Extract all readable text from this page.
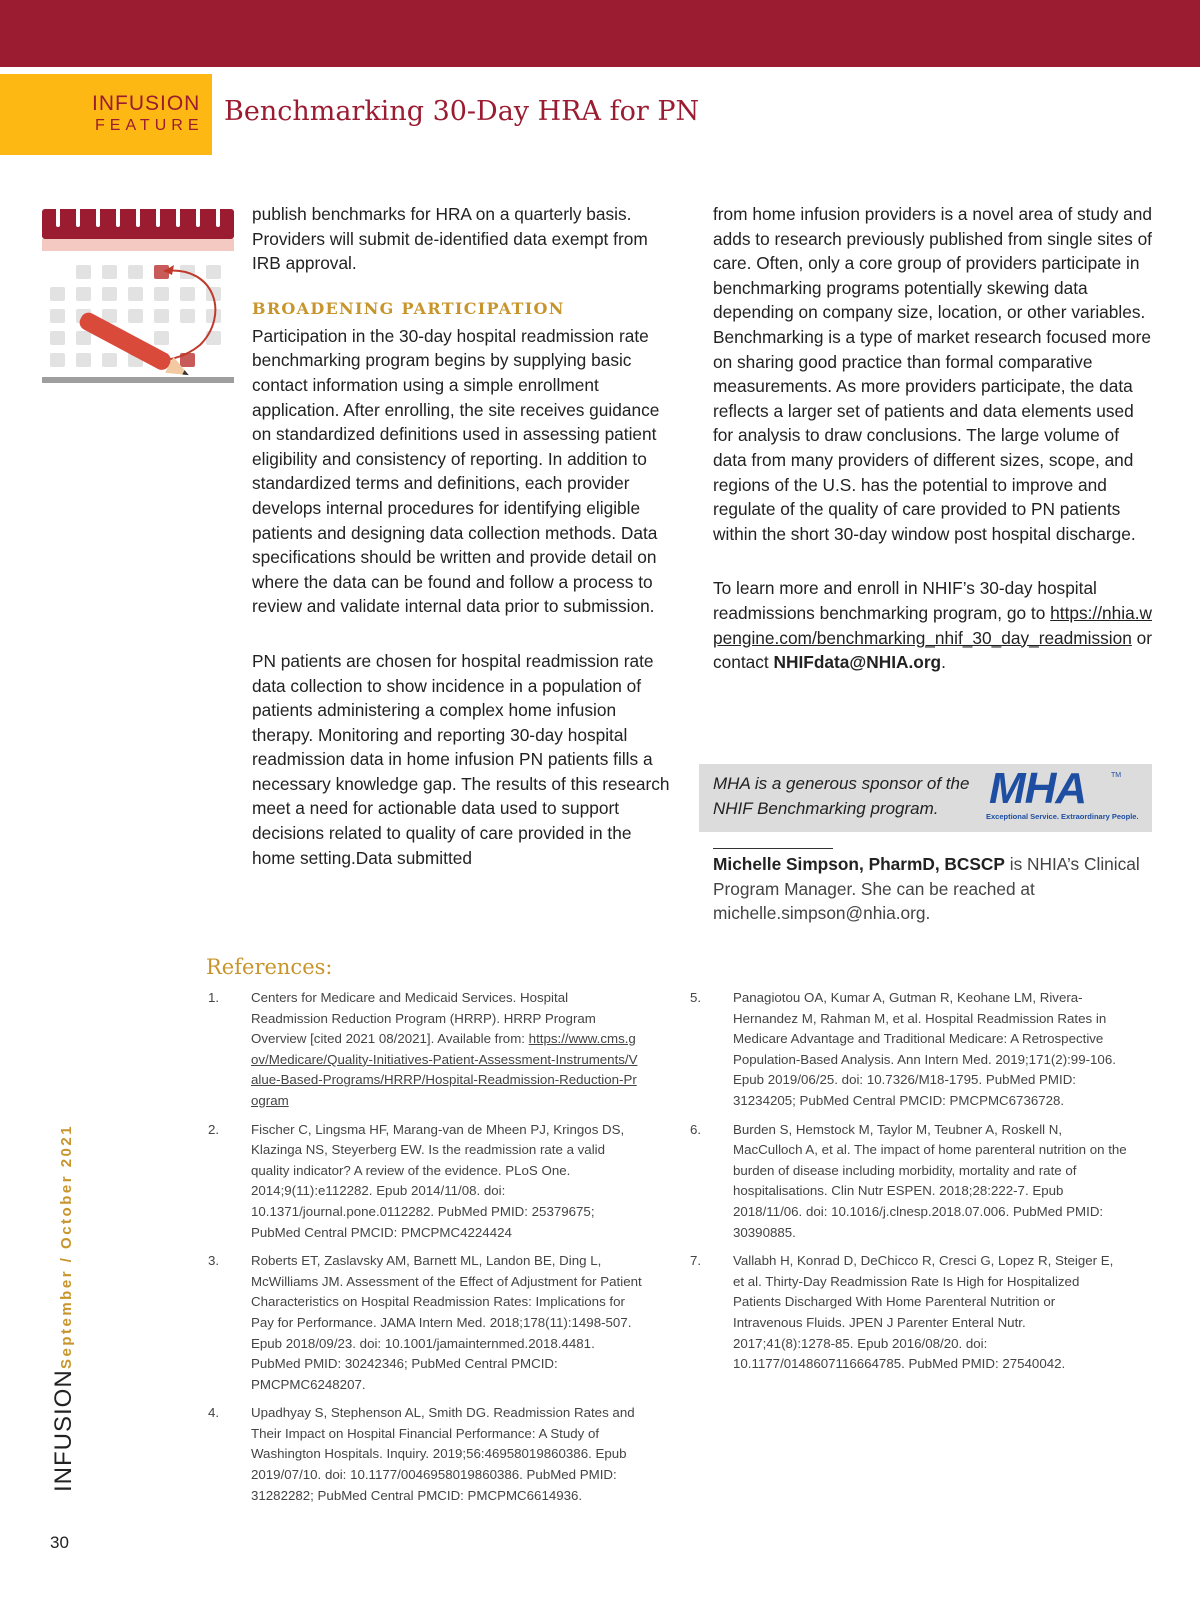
INFUSION
FEATURE Benchmarking 30-Day HRA for PN

publish benchmarks for HRA on a quarterly basis. Providers will submit de-identified data exempt from IRB approval.

BROADENING PARTICIPATION

Participation in the 30-day hospital readmission rate benchmarking program begins by supplying basic contact information using a simple enrollment application. After enrolling, the site receives guidance on standardized definitions used in assessing patient eligibility and consistency of reporting. In addition to standardized terms and definitions, each provider develops internal procedures for identifying eligible patients and designing data collection methods. Data specifications should be written and provide detail on where the data can be found and follow a process to review and validate internal data prior to submission.

PN patients are chosen for hospital readmission rate data collection to show incidence in a population of patients administering a complex home infusion therapy. Monitoring and reporting 30-day hospital readmission data in home infusion PN patients fills a necessary knowledge gap. The results of this research meet a need for actionable data used to support decisions related to quality of care provided in the home setting.Data submitted

from home infusion providers is a novel area of study and adds to research previously published from single sites of care. Often, only a core group of providers participate in benchmarking programs potentially skewing data depending on company size, location, or other variables. Benchmarking is a type of market research focused more on sharing good practice than formal comparative measurements. As more providers participate, the data reflects a larger set of patients and data elements used for analysis to draw conclusions. The large volume of data from many providers of different sizes, scope, and regions of the U.S. has the potential to improve and regulate of the quality of care provided to PN patients within the short 30-day window post hospital discharge.

To learn more and enroll in NHIF’s 30-day hospital readmissions benchmarking program, go to https://nhia.wpengine.com/benchmarking_nhif_30_day_readmission or contact NHIFdata@NHIA.org.

MHA is a generous sponsor of the NHIF Benchmarking program.	MHA	TM
Exceptional Service. Extraordinary People.
Michelle Simpson, PharmD, BCSCP is NHIA’s Clinical Program Manager. She can be reached at michelle.simpson@nhia.org.
References:
1. Centers for Medicare and Medicaid Services. Hospital Readmission Reduction Program (HRRP). HRRP Program Overview [cited 2021 08/2021]. Available from: https://www.cms.gov/Medicare/Quality-Initiatives-Patient-Assessment-Instruments/Value-Based-Programs/HRRP/Hospital-Readmission-Reduction-Program
2. Fischer C, Lingsma HF, Marang-van de Mheen PJ, Kringos DS, Klazinga NS, Steyerberg EW. Is the readmission rate a valid quality indicator? A review of the evidence. PLoS One. 2014;9(11):e112282. Epub 2014/11/08. doi: 10.1371/journal.pone.0112282. PubMed PMID: 25379675; PubMed Central PMCID: PMCPMC4224424
3. Roberts ET, Zaslavsky AM, Barnett ML, Landon BE, Ding L, McWilliams JM. Assessment of the Effect of Adjustment for Patient Characteristics on Hospital Readmission Rates: Implications for Pay for Performance. JAMA Intern Med. 2018;178(11):1498-507. Epub 2018/09/23. doi: 10.1001/jamainternmed.2018.4481. PubMed PMID: 30242346; PubMed Central PMCID: PMCPMC6248207.
4. Upadhyay S, Stephenson AL, Smith DG. Readmission Rates and Their Impact on Hospital Financial Performance: A Study of Washington Hospitals. Inquiry. 2019;56:46958019860386. Epub 2019/07/10. doi: 10.1177/0046958019860386. PubMed PMID: 31282282; PubMed Central PMCID: PMCPMC6614936.
5. Panagiotou OA, Kumar A, Gutman R, Keohane LM, Rivera-Hernandez M, Rahman M, et al. Hospital Readmission Rates in Medicare Advantage and Traditional Medicare: A Retrospective Population-Based Analysis. Ann Intern Med. 2019;171(2):99-106. Epub 2019/06/25. doi: 10.7326/M18-1795. PubMed PMID: 31234205; PubMed Central PMCID: PMCPMC6736728.
6. Burden S, Hemstock M, Taylor M, Teubner A, Roskell N, MacCulloch A, et al. The impact of home parenteral nutrition on the burden of disease including morbidity, mortality and rate of hospitalisations. Clin Nutr ESPEN. 2018;28:222-7. Epub 2018/11/06. doi: 10.1016/j.clnesp.2018.07.006. PubMed PMID: 30390885.
7. Vallabh H, Konrad D, DeChicco R, Cresci G, Lopez R, Steiger E, et al. Thirty-Day Readmission Rate Is High for Hospitalized Patients Discharged With Home Parenteral Nutrition or Intravenous Fluids. JPEN J Parenter Enteral Nutr. 2017;41(8):1278-85. Epub 2016/08/20. doi: 10.1177/0148607116664785. PubMed PMID: 27540042.
September / October 2021
INFUSION
30
